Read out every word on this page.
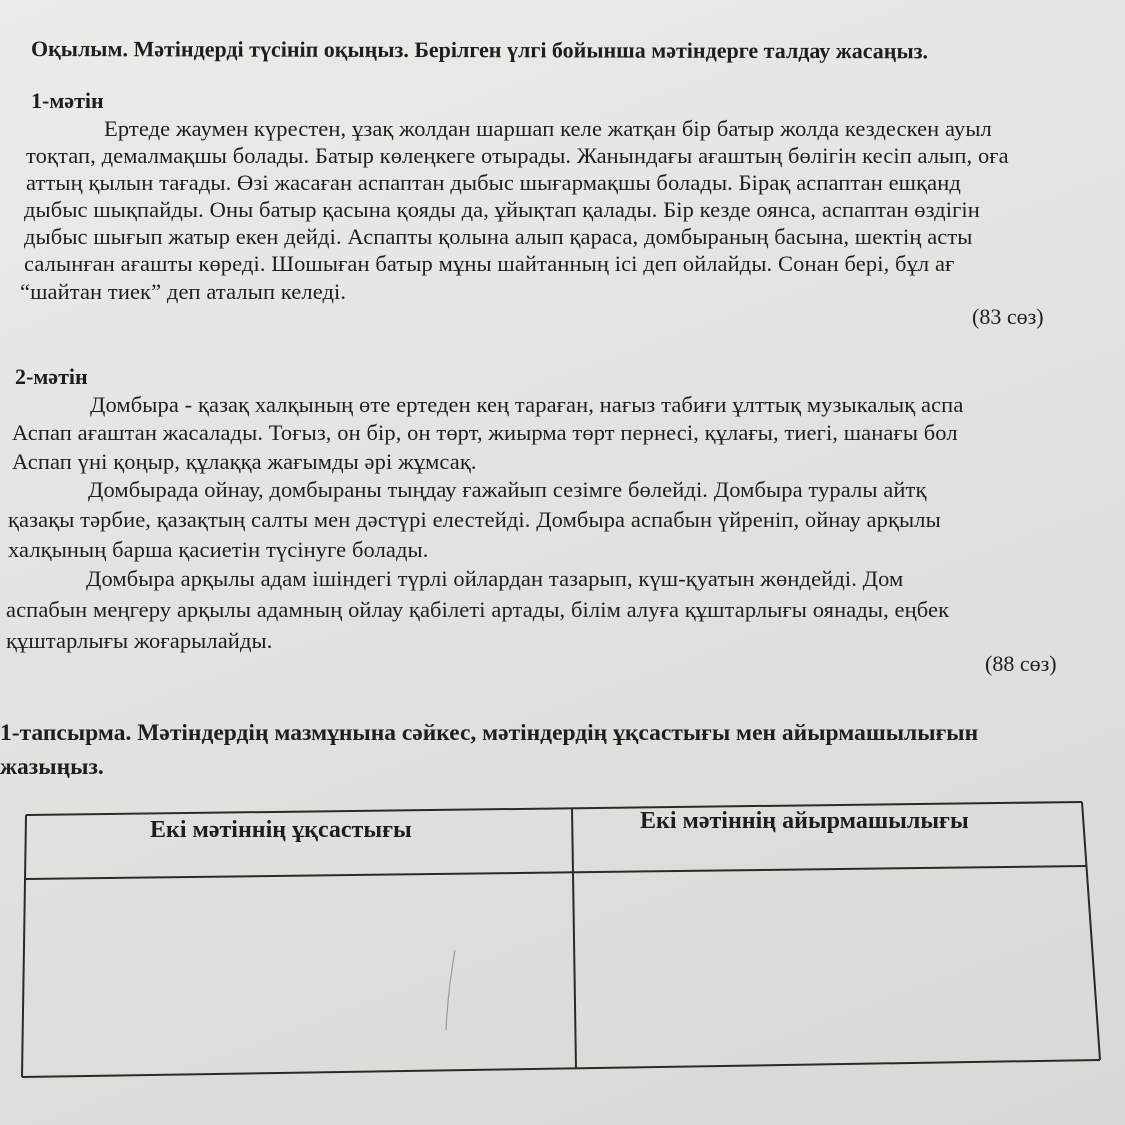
Оқылым. Мәтіндерді түсініп оқыңыз. Берілген үлгі бойынша мәтіндерге талдау жасаңыз.
1-мәтін
Ертеде жаумен күрестен, ұзақ жолдан шаршап келе жатқан бір батыр жолда кездескен ауыл
тоқтап, демалмақшы болады. Батыр көлеңкеге отырады. Жанындағы ағаштың бөлігін кесіп алып, оға
аттың қылын тағады. Өзі жасаған аспаптан дыбыс шығармақшы болады. Бірақ аспаптан ешқанд
дыбыс шықпайды. Оны батыр қасына қояды да, ұйықтап қалады. Бір кезде оянса, аспаптан өздігін
дыбыс шығып жатыр екен дейді. Аспапты қолына алып қараса, домбыраның басына, шектің асты
салынған ағашты көреді. Шошыған батыр мұны шайтанның ісі деп ойлайды. Сонан бері, бұл ағ
“шайтан тиек” деп аталып келеді.
(83 сөз)
2-мәтін
Домбыра - қазақ халқының өте ертеден кең тараған, нағыз табиғи ұлттық музыкалық аспа
Аспап ағаштан жасалады. Тоғыз, он бір, он төрт, жиырма төрт пернесі, құлағы, тиегі, шанағы бол
Аспап үні қоңыр, құлаққа жағымды әрі жұмсақ.
Домбырада ойнау, домбыраны тыңдау ғажайып сезімге бөлейді. Домбыра туралы айтқ
қазақы тәрбие, қазақтың салты мен дәстүрі елестейді. Домбыра аспабын үйреніп, ойнау арқылы
халқының барша қасиетін түсінуге болады.
Домбыра арқылы адам ішіндегі түрлі ойлардан тазарып, күш-қуатын жөндейді. Дом
аспабын меңгеру арқылы адамның ойлау қабілеті артады, білім алуға құштарлығы оянады, еңбек
құштарлығы жоғарылайды.
(88 сөз)
1-тапсырма. Мәтіндердің мазмұнына сәйкес, мәтіндердің ұқсастығы мен айырмашылығын
жазыңыз.
Екі мәтіннің ұқсастығы	Екі мәтіннің айырмашылығы
